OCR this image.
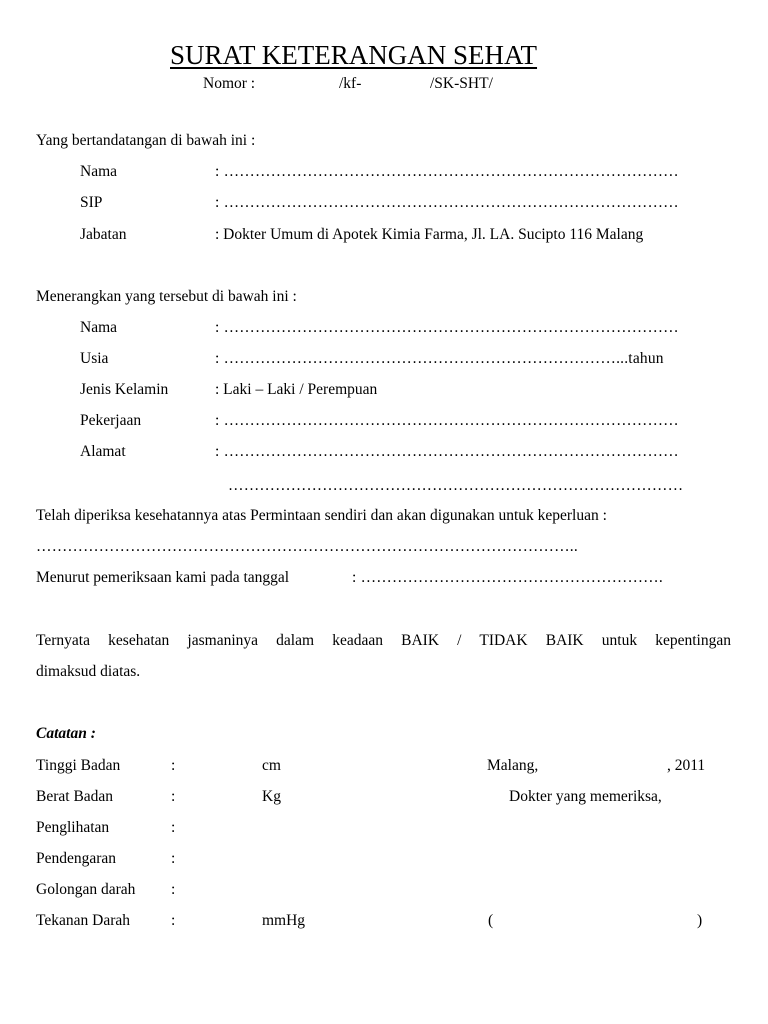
SURAT KETERANGAN SEHAT
Nomor :	/kf-	/SK-SHT/
Yang bertandatangan di bawah ini :
Nama	: ……………………………………………………………………………
SIP	: ……………………………………………………………………………
Jabatan	: Dokter Umum di Apotek Kimia Farma, Jl. LA. Sucipto 116 Malang
Menerangkan yang tersebut di bawah ini :
Nama	: ……………………………………………………………………………
Usia	: …………………………………………………………………...tahun
Jenis Kelamin	: Laki – Laki / Perempuan
Pekerjaan	: ……………………………………………………………………………
Alamat	: ……………………………………………………………………………
……………………………………………………………………………
Telah diperiksa kesehatannya atas Permintaan sendiri dan akan digunakan untuk keperluan :
…………………………………………………………………………………………..
Menurut pemeriksaan kami pada tanggal	: ………………………………………………….
Ternyata kesehatan jasmaninya dalam keadaan BAIK / TIDAK BAIK untuk kepentingan
dimaksud diatas.
Catatan :
Tinggi Badan	:	cm
Berat Badan	:	Kg
Penglihatan	:
Pendengaran	:
Golongan darah :
Tekanan Darah	:	mmHg
Malang,	, 2011
Dokter yang memeriksa,
(	)
